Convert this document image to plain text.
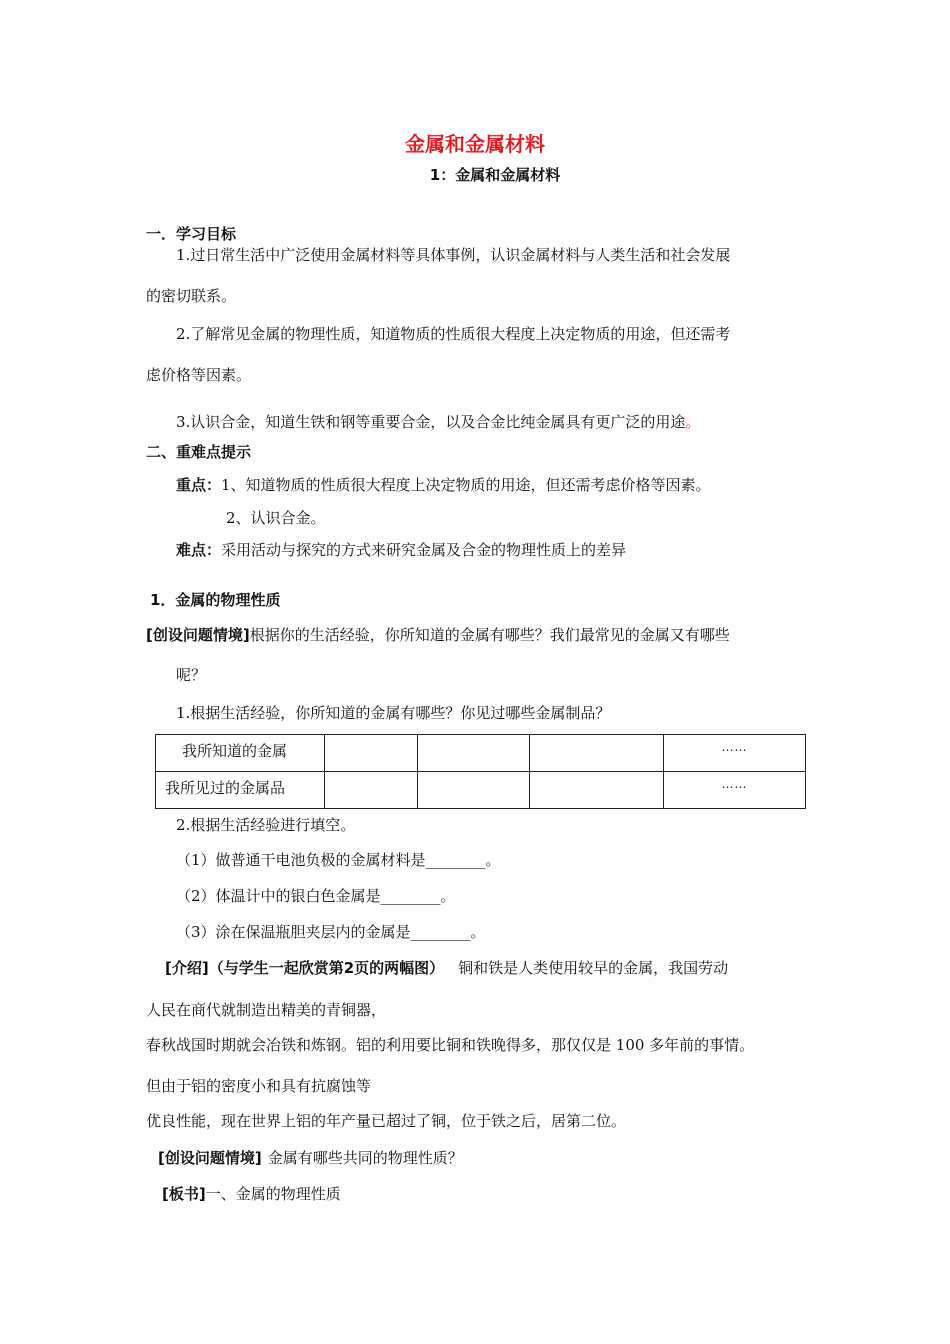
金属和金属材料
1：金属和金属材料
一．学习目标
1.过日常生活中广泛使用金属材料等具体事例，认识金属材料与人类生活和社会发展
的密切联系。
2.了解常见金属的物理性质，知道物质的性质很大程度上决定物质的用途，但还需考
虑价格等因素。
3.认识合金，知道生铁和钢等重要合金，以及合金比纯金属具有更广泛的用途。
二、重难点提示
重点：1、知道物质的性质很大程度上决定物质的用途，但还需考虑价格等因素。
2、认识合金。
难点：采用活动与探究的方式来研究金属及合金的物理性质上的差异
1．金属的物理性质
[创设问题情境]根据你的生活经验，你所知道的金属有哪些？我们最常见的金属又有哪些
呢？
1.根据生活经验，你所知道的金属有哪些？你见过哪些金属制品？
我所知道的金属				……

我所见过的金属品				……
2.根据生活经验进行填空。
（1）做普通干电池负极的金属材料是________。
（2）体温计中的银白色金属是________。
（3）涂在保温瓶胆夹层内的金属是________。
[介绍]（与学生一起欣赏第2页的两幅图） 铜和铁是人类使用较早的金属，我国劳动
人民在商代就制造出精美的青铜器，
春秋战国时期就会冶铁和炼钢。铝的利用要比铜和铁晚得多，那仅仅是 100 多年前的事情。
但由于铝的密度小和具有抗腐蚀等
优良性能，现在世界上铝的年产量已超过了铜，位于铁之后，居第二位。
[创设问题情境] 金属有哪些共同的物理性质？
[板书]一、金属的物理性质
